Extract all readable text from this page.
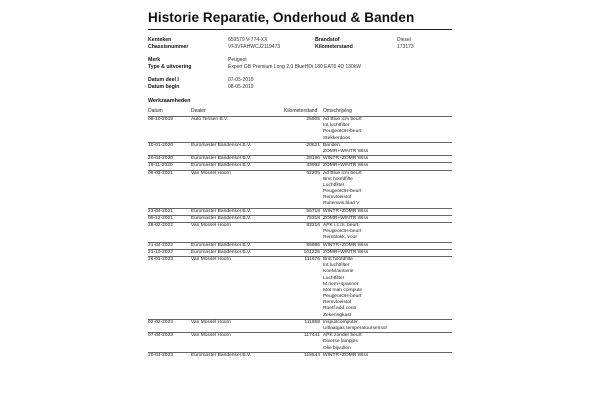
Historie Reparatie, Onderhoud & Banden
Kenteken	659579 V-774-XX	Brandstof	Diesel
Chassisnummer	VF3VFAHWCJ2119473	Kilometerstand	173173
Merk	Peugeot
Type & uitvoering	Expert GB Premium Long 2.0 BlueHDi 180 EAT6 4D 130kW
Datum deel I	07-05-2019
Datum begin	08-05-2019
Werkzaamheden
Datum	Dealer	Kilometerstand Omschrijving
08-10-2019	Auto Tensen B.V.	25505 Ad Blue icm beurt
Int luchtfilter
PeugeotOH-beurt
Stekkerdoos
10-01-2020	Euromaster Bandenser.B.V.	20621 Banden
ZOMR+WINTR Wiss
20-04-2020	Euromaster Bandenser.B.V.	28186 WINTR+ZOMR Wiss
19-11-2020	Euromaster Bandenser.B.V.	43992 ZOMR+WINTR Wiss
08-03-2021	Van Mossel Hoorn	52205 Ad Blue icm beurt
Brst hoofdfilte
Luchtfilter
PeugeotOH-beurt
Remvloeistof
Ruitenwis.blad V
23-04-2021	Euromaster Bandenser.B.V.	56718 WINTR+ZOMR Wiss
09-12-2021	Euromaster Bandenser.B.V.	75318 ZOMR+WINTR Wiss
28-02-2022	Van Mossel Hoorn	83216 APK i.c.m. beurt
PeugeotOH-beurt
Remblokk. voor
21-04-2022	Euromaster Bandenser.B.V.	86986 WINTR+ZOMR Wiss
21-10-2022	Euromaster Bandenser.B.V.	101225 ZOMR+WINTR Wiss
26-01-2023	Van Mossel Hoorn	111676 Brst hoofdfilte
Int luchtfilter
Koelvl/antivrie
Luchtfilter
M.riem+spanner
Mot man compute
PeugeotOH-beurt
Remvloeistof
Roetf.add.contr
Zekeringkast
02-02-2023	Van Mossel Hoorn	111858 Inspuitcomputer
Uitlaatgas temperatuursensor
07-04-2023	Van Mossel Hoorn	117441 APK zonder beurt
Diverse lampjes
Olie bijvullen
20-04-2023	Euromaster Bandenser.B.V.	118544 WINTR+ZOMR Wiss
